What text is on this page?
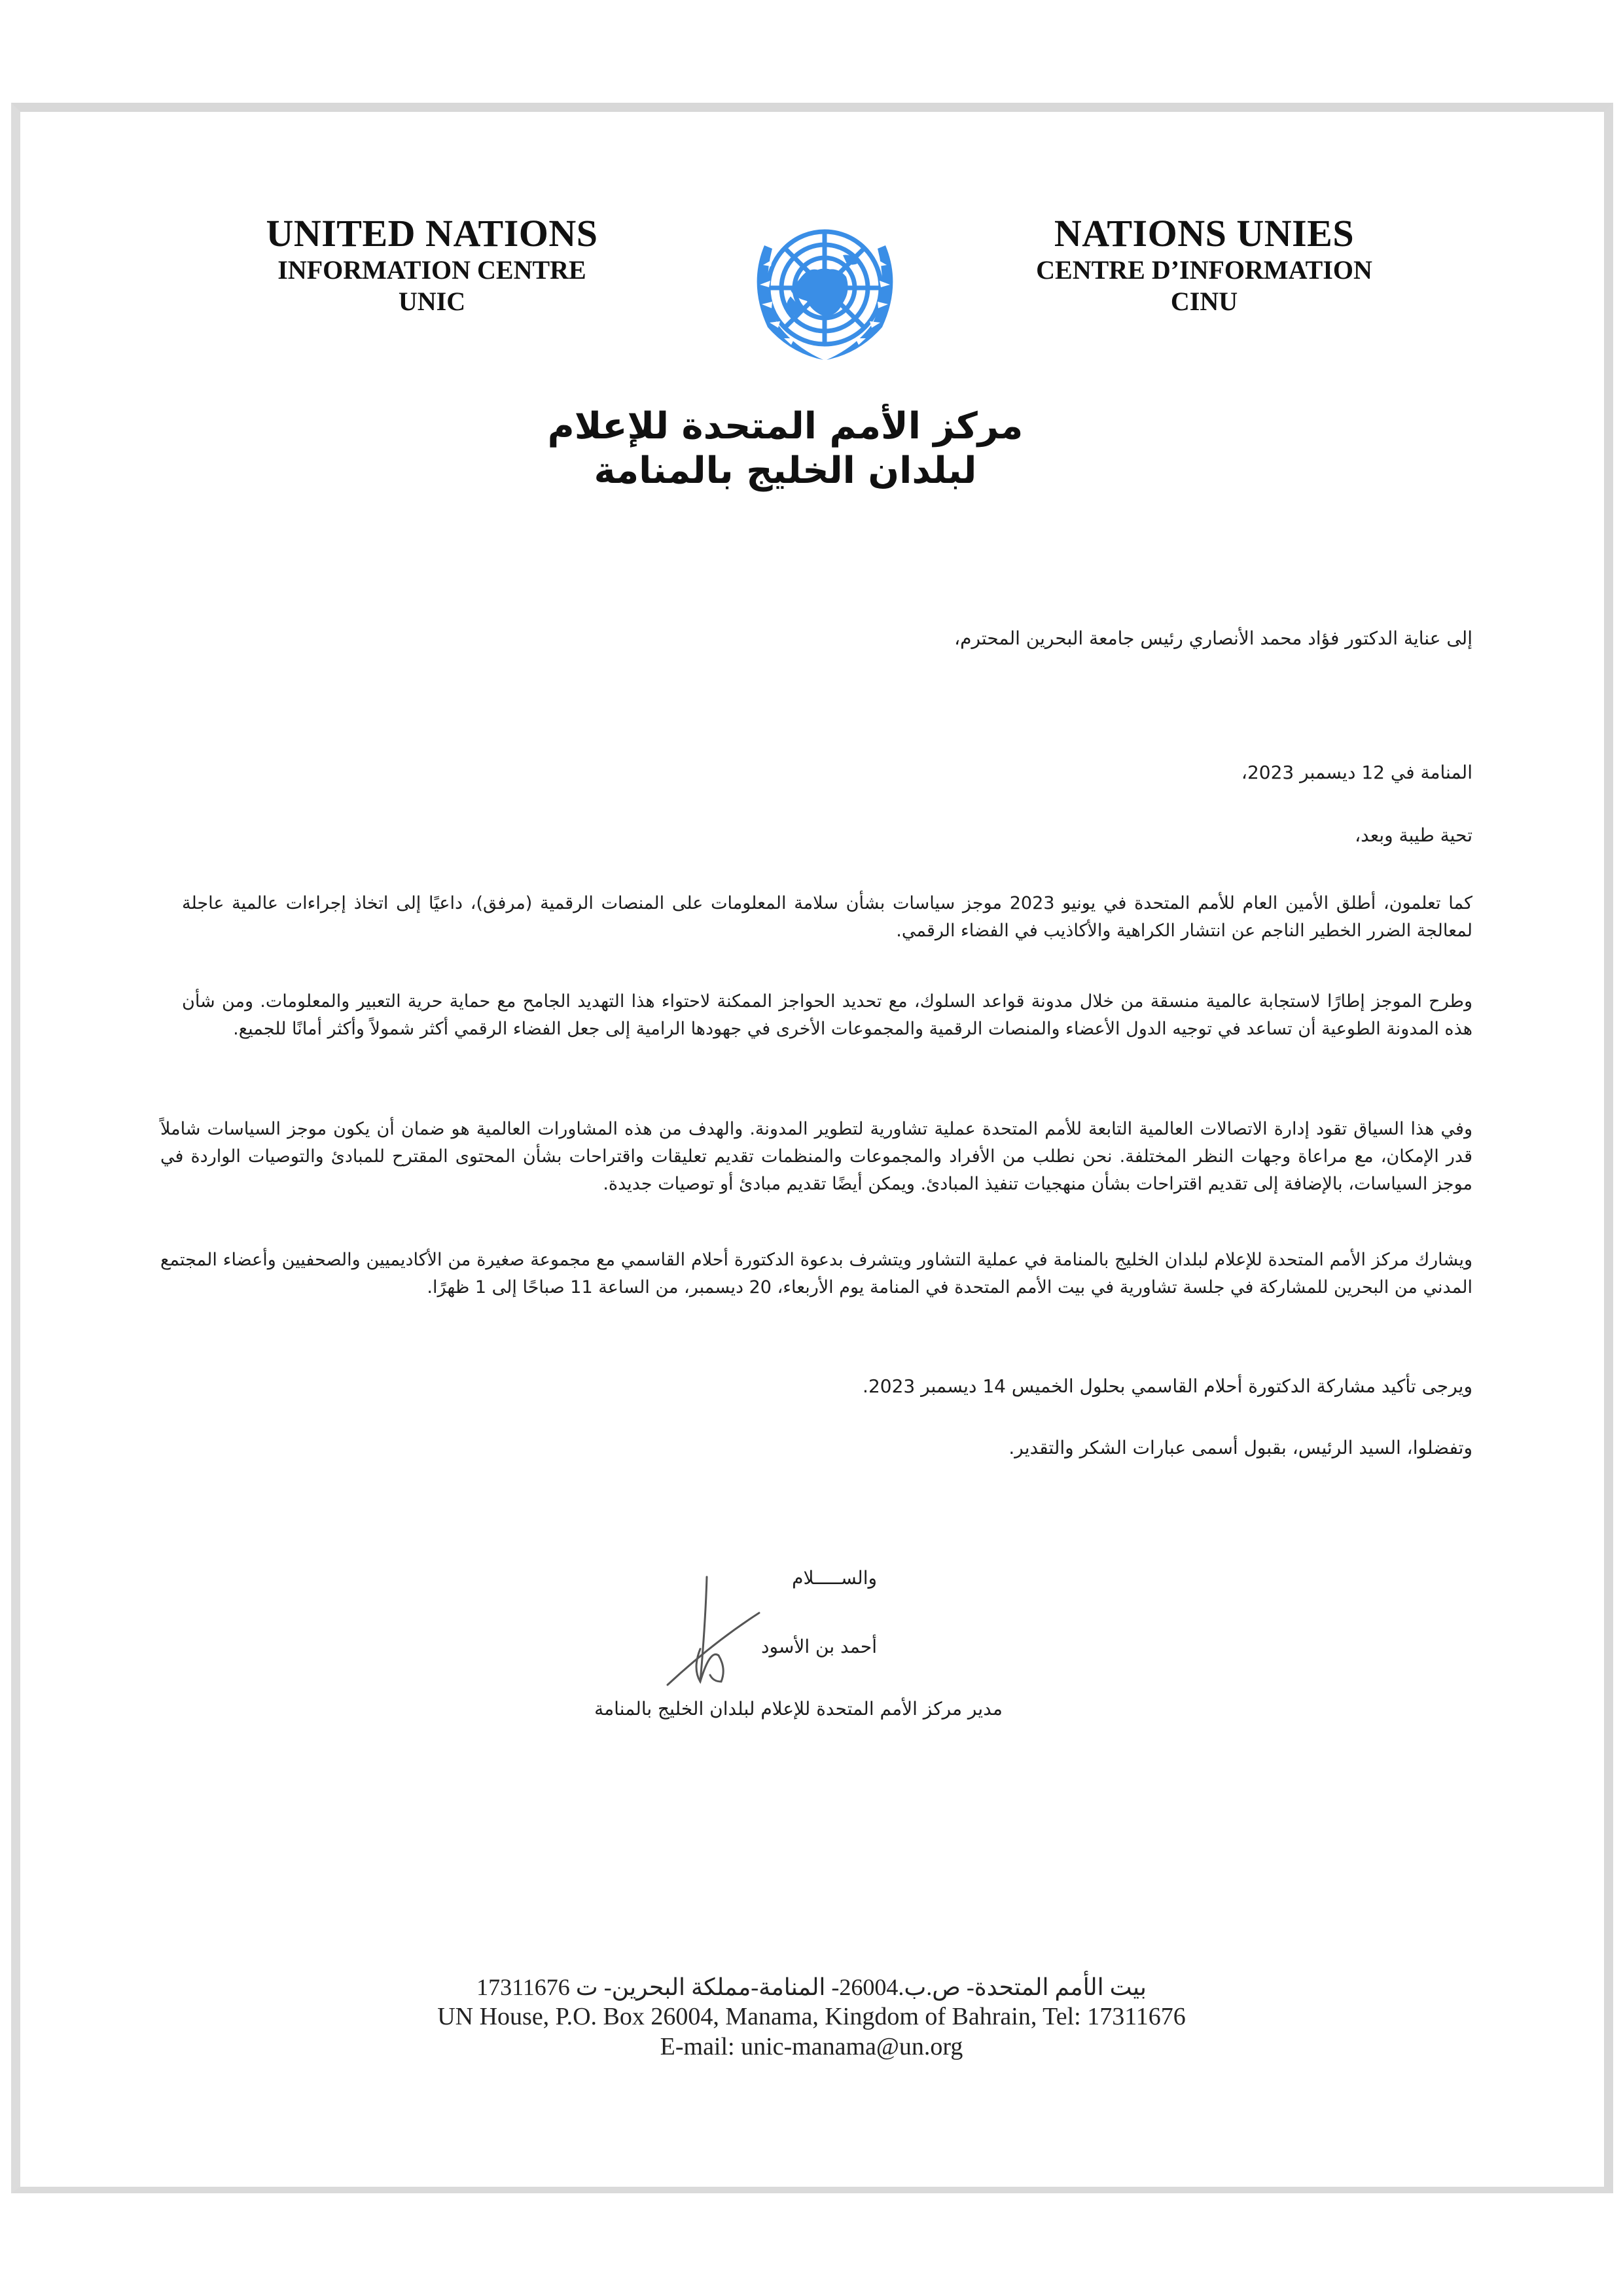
UNITED NATIONS
INFORMATION CENTRE
UNIC
NATIONS UNIES
CENTRE D’INFORMATION
CINU
مركز الأمم المتحدة للإعلام
لبلدان الخليج بالمنامة
إلى عناية الدكتور فؤاد محمد الأنصاري رئيس جامعة البحرين المحترم،
المنامة في 12 ديسمبر 2023،
تحية طيبة وبعد،
كما تعلمون، أطلق الأمين العام للأمم المتحدة في يونيو 2023 موجز سياسات بشأن سلامة المعلومات على المنصات الرقمية (مرفق)، داعيًا إلى اتخاذ إجراءات عالمية عاجلة لمعالجة الضرر الخطير الناجم عن انتشار الكراهية والأكاذيب في الفضاء الرقمي.
وطرح الموجز إطارًا لاستجابة عالمية منسقة من خلال مدونة قواعد السلوك، مع تحديد الحواجز الممكنة لاحتواء هذا التهديد الجامح مع حماية حرية التعبير والمعلومات. ومن شأن هذه المدونة الطوعية أن تساعد في توجيه الدول الأعضاء والمنصات الرقمية والمجموعات الأخرى في جهودها الرامية إلى جعل الفضاء الرقمي أكثر شمولاً وأكثر أمانًا للجميع.
وفي هذا السياق تقود إدارة الاتصالات العالمية التابعة للأمم المتحدة عملية تشاورية لتطوير المدونة. والهدف من هذه المشاورات العالمية هو ضمان أن يكون موجز السياسات شاملاً قدر الإمكان، مع مراعاة وجهات النظر المختلفة. نحن نطلب من الأفراد والمجموعات والمنظمات تقديم تعليقات واقتراحات بشأن المحتوى المقترح للمبادئ والتوصيات الواردة في موجز السياسات، بالإضافة إلى تقديم اقتراحات بشأن منهجيات تنفيذ المبادئ. ويمكن أيضًا تقديم مبادئ أو توصيات جديدة.
ويشارك مركز الأمم المتحدة للإعلام لبلدان الخليج بالمنامة في عملية التشاور ويتشرف بدعوة الدكتورة أحلام القاسمي مع مجموعة صغيرة من الأكاديميين والصحفيين وأعضاء المجتمع المدني من البحرين للمشاركة في جلسة تشاورية في بيت الأمم المتحدة في المنامة يوم الأربعاء، 20 ديسمبر، من الساعة 11 صباحًا إلى 1 ظهرًا.
ويرجى تأكيد مشاركة الدكتورة أحلام القاسمي بحلول الخميس 14 ديسمبر 2023.
وتفضلوا، السيد الرئيس، بقبول أسمى عبارات الشكر والتقدير.
والســـــلام
أحمد بن الأسود
مدير مركز الأمم المتحدة للإعلام لبلدان الخليج بالمنامة
بيت الأمم المتحدة- ص.ب.26004- المنامة-مملكة البحرين- ت 17311676
UN House, P.O. Box 26004, Manama, Kingdom of Bahrain, Tel: 17311676
E-mail: unic-manama@un.org
